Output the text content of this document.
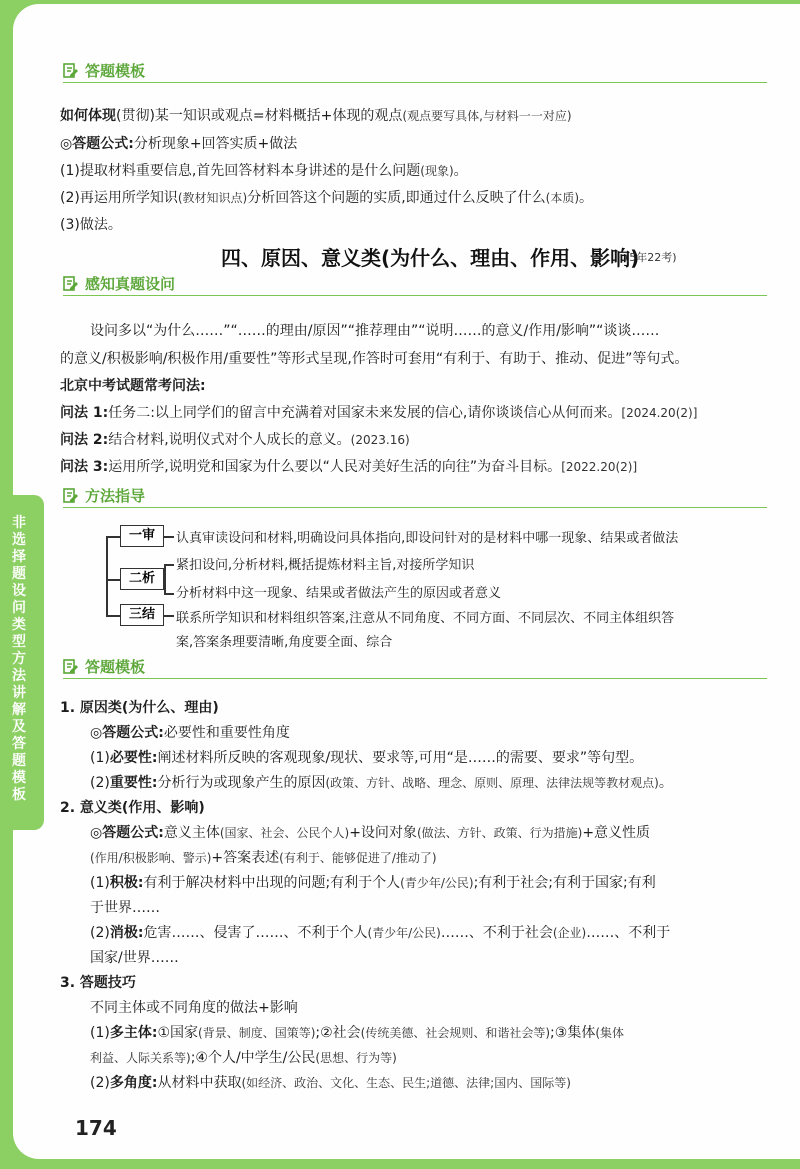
答题模板
如何体现(贯彻)某一知识或观点=材料概括+体现的观点(观点要写具体,与材料一一对应)
◎答题公式:分析现象+回答实质+做法
(1)提取材料重要信息,首先回答材料本身讲述的是什么问题(现象)。
(2)再运用所学知识(教材知识点)分析回答这个问题的实质,即通过什么反映了什么(本质)。
(3)做法。
四、原因、意义类(为什么、理由、作用、影响)
(5年22考)
感知真题设问
设问多以“为什么……”“……的理由/原因”“推荐理由”“说明……的意义/作用/影响”“谈谈……
的意义/积极影响/积极作用/重要性”等形式呈现,作答时可套用“有利于、有助于、推动、促进”等句式。
北京中考试题常考问法:
问法 1:任务二:以上同学们的留言中充满着对国家未来发展的信心,请你谈谈信心从何而来。[2024.20(2)]
问法 2:结合材料,说明仪式对个人成长的意义。(2023.16)
问法 3:运用所学,说明党和国家为什么要以“人民对美好生活的向往”为奋斗目标。[2022.20(2)]
方法指导
一审
二析
三结
认真审读设问和材料,明确设问具体指向,即设问针对的是材料中哪一现象、结果或者做法
紧扣设问,分析材料,概括提炼材料主旨,对接所学知识
分析材料中这一现象、结果或者做法产生的原因或者意义
联系所学知识和材料组织答案,注意从不同角度、不同方面、不同层次、不同主体组织答
案,答案条理要清晰,角度要全面、综合
答题模板
1. 原因类(为什么、理由)
◎答题公式:必要性和重要性角度
(1)必要性:阐述材料所反映的客观现象/现状、要求等,可用“是……的需要、要求”等句型。
(2)重要性:分析行为或现象产生的原因(政策、方针、战略、理念、原则、原理、法律法规等教材观点)。
2. 意义类(作用、影响)
◎答题公式:意义主体(国家、社会、公民个人)+设问对象(做法、方针、政策、行为措施)+意义性质
(作用/积极影响、警示)+答案表述(有利于、能够促进了/推动了)
(1)积极:有利于解决材料中出现的问题;有利于个人(青少年/公民);有利于社会;有利于国家;有利
于世界……
(2)消极:危害……、侵害了……、不利于个人(青少年/公民)……、不利于社会(企业)……、不利于
国家/世界……
3. 答题技巧
不同主体或不同角度的做法+影响
(1)多主体:①国家(背景、制度、国策等);②社会(传统美德、社会规则、和谐社会等);③集体(集体
利益、人际关系等);④个人/中学生/公民(思想、行为等)
(2)多角度:从材料中获取(如经济、政治、文化、生态、民生;道德、法律;国内、国际等)
174
非选择题设问类型方法讲解及答题模板
